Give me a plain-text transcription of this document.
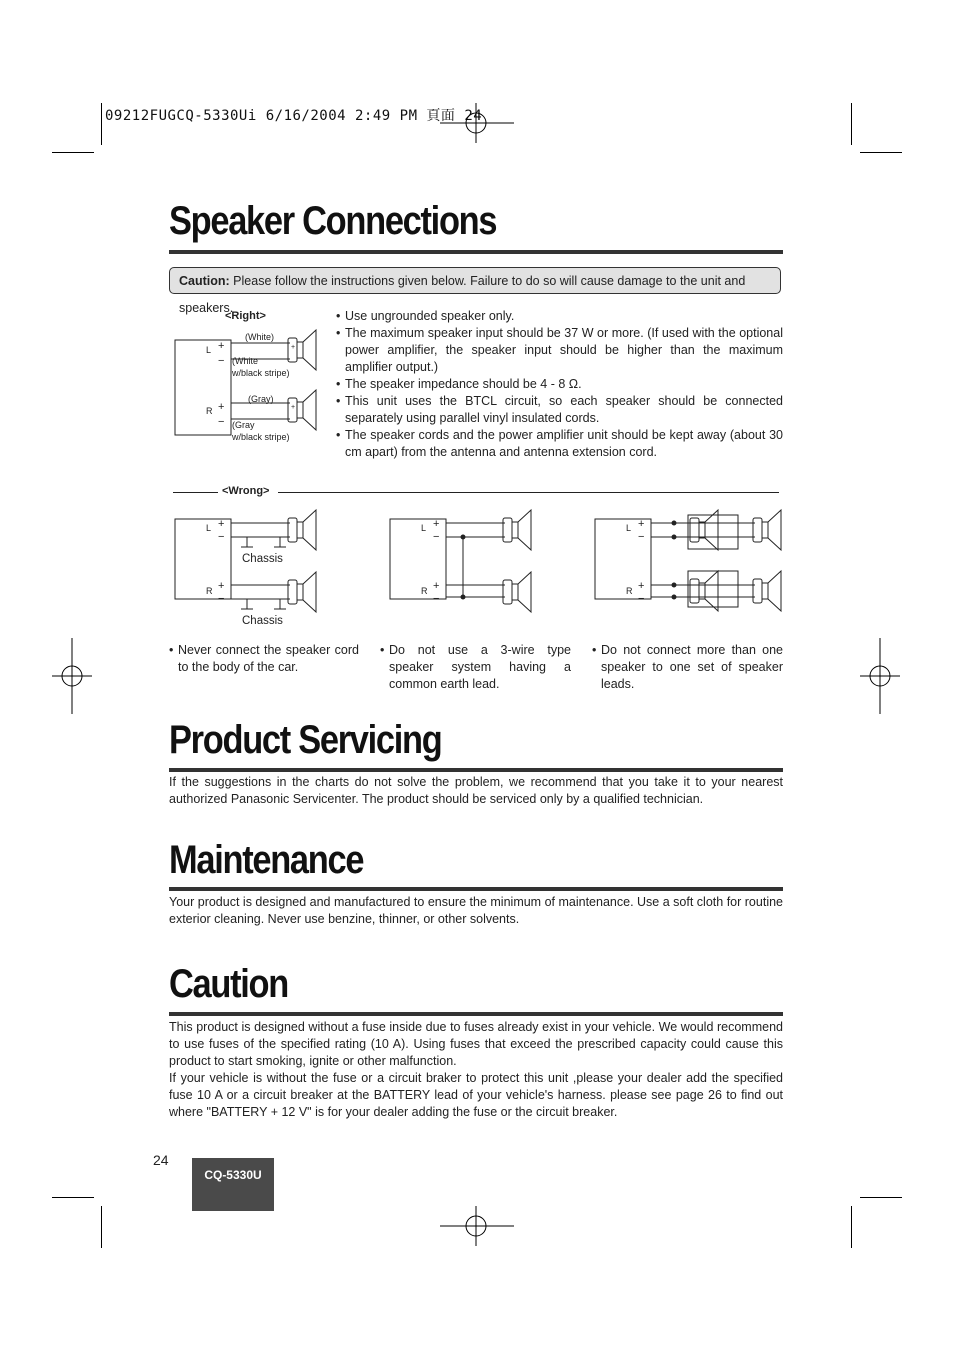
09212FUGCQ-5330Ui 6/16/2004 2:49 PM 頁面 24
Speaker Connections
Caution: Please follow the instructions given below. Failure to do so will cause damage to the unit and speakers.
<Right>
L
R
+
−
+
−
+
+
(White)
(White
w/black stripe)
(Gray)
(Gray
w/black stripe)
• Use ungrounded speaker only.
• The maximum speaker input should be 37 W or more. (If used with the optional power amplifier, the speaker input should be higher than the maximum amplifier output.)
• The speaker impedance should be 4 - 8 Ω.
• This unit uses the BTCL circuit, so each speaker should be connected separately using parallel vinyl insulated cords.
• The speaker cords and the power amplifier unit should be kept away (about 30 cm apart) from the antenna and antenna extension cord.
<Wrong>
L
R
+
−
+
−
Chassis
Chassis
L
R
+
−
+
−
L
R
+
−
+
−
• Never connect the speaker cord to the body of the car.
• Do not use a 3-wire type speaker system having a common earth lead.
• Do not connect more than one speaker to one set of speaker leads.
Product Servicing

If the suggestions in the charts do not solve the problem, we recommend that you take it to your nearest authorized Panasonic Servicenter. The product should be serviced only by a qualified technician.

Maintenance

Your product is designed and manufactured to ensure the minimum of maintenance. Use a soft cloth for routine exterior cleaning. Never use benzine, thinner, or other solvents.

Caution

This product is designed without a fuse inside due to fuses already exist in your vehicle. We would recommend to use fuses of the specified rating (10 A). Using fuses that exceed the prescribed capacity could cause this product to start smoking, ignite or other malfunction.

If your vehicle is without the fuse or a circuit braker to protect this unit ,please your dealer add the specified fuse 10 A or a circuit breaker at the BATTERY lead of your vehicle's harness. please see page 26 to find out where "BATTERY + 12 V" is for your dealer adding the fuse or the circuit breaker.

24
CQ-5330U
